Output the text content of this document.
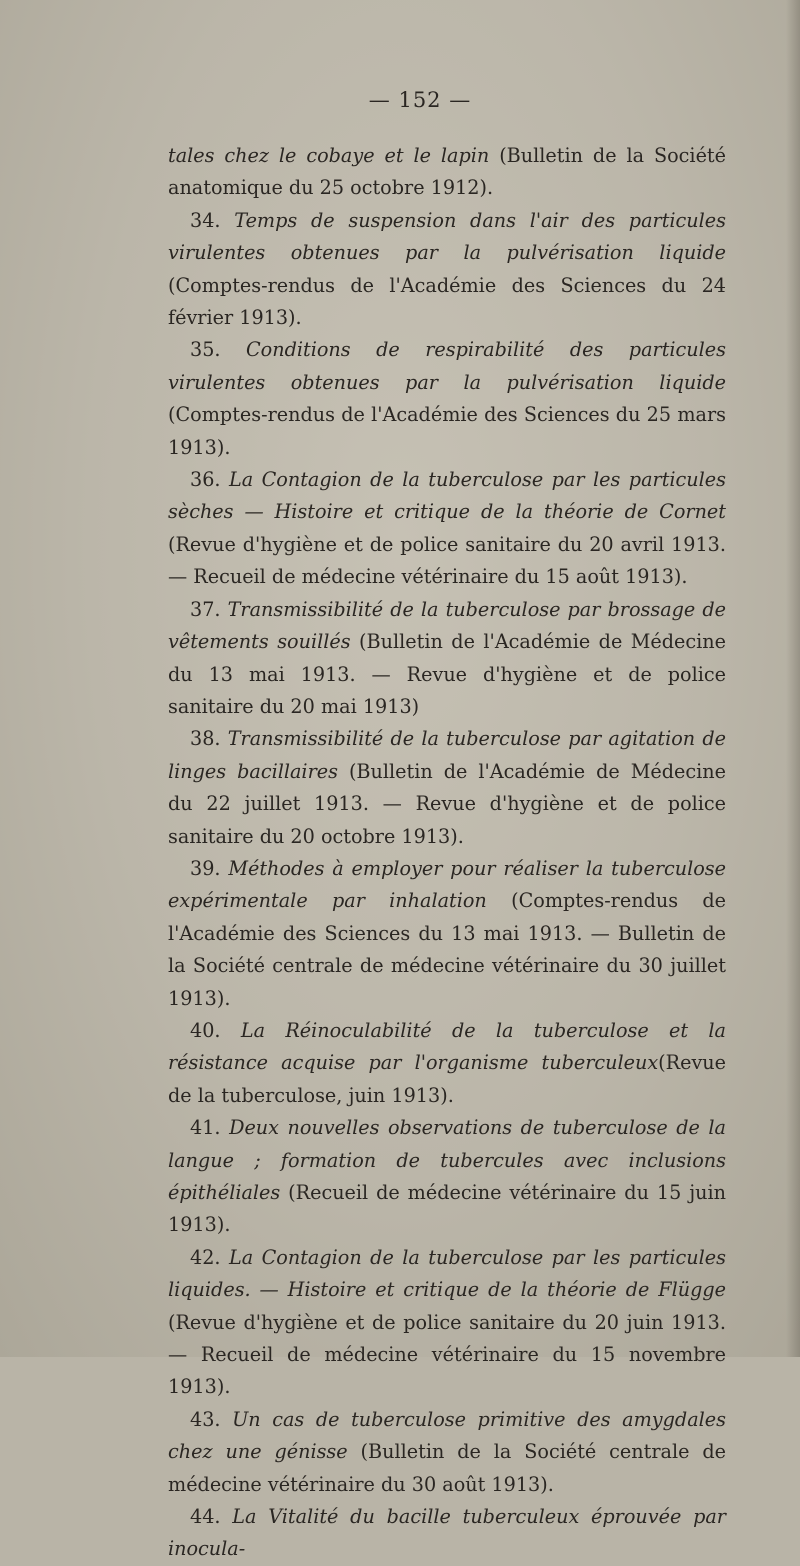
— 152 —

tales chez le cobaye et le lapin (Bulletin de la Société anatomique du 25 octobre 1912).

34. Temps de suspension dans l'air des particules virulentes obtenues par la pulvérisation liquide (Comptes-rendus de l'Académie des Sciences du 24 février 1913).

35. Conditions de respirabilité des particules virulentes obtenues par la pulvérisation liquide (Comptes-rendus de l'Académie des Sciences du 25 mars 1913).

36. La Contagion de la tuberculose par les particules sèches — Histoire et critique de la théorie de Cornet (Revue d'hygiène et de police sanitaire du 20 avril 1913. — Recueil de médecine vétérinaire du 15 août 1913).

37. Transmissibilité de la tuberculose par brossage de vêtements souillés (Bulletin de l'Académie de Médecine du 13 mai 1913. — Revue d'hygiène et de police sanitaire du 20 mai 1913)

38. Transmissibilité de la tuberculose par agitation de linges bacillaires (Bulletin de l'Académie de Médecine du 22 juillet 1913. — Revue d'hygiène et de police sanitaire du 20 octobre 1913).

39. Méthodes à employer pour réaliser la tuberculose expérimentale par inhalation (Comptes-rendus de l'Académie des Sciences du 13 mai 1913. — Bulletin de la Société centrale de médecine vétérinaire du 30 juillet 1913).

40. La Réinoculabilité de la tuberculose et la résistance acquise par l'organisme tuberculeux(Revue de la tuberculose, juin 1913).

41. Deux nouvelles observations de tuberculose de la langue ; formation de tubercules avec inclusions épithéliales (Recueil de médecine vétérinaire du 15 juin 1913).

42. La Contagion de la tuberculose par les particules liquides. — Histoire et critique de la théorie de Flügge (Revue d'hygiène et de police sanitaire du 20 juin 1913. — Recueil de médecine vétérinaire du 15 novembre 1913).

43. Un cas de tuberculose primitive des amygdales chez une génisse (Bulletin de la Société centrale de médecine vétérinaire du 30 août 1913).

44. La Vitalité du bacille tuberculeux éprouvée par inocula-
